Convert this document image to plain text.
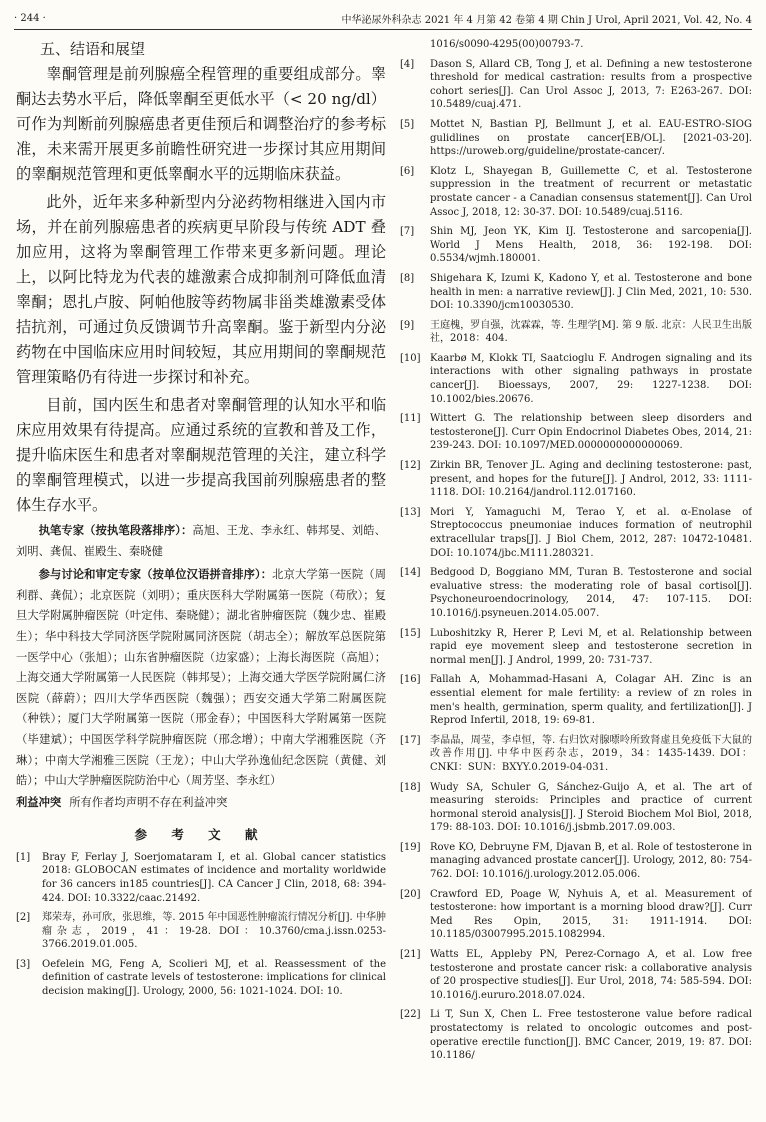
· 244 ·	中华泌尿外科杂志 2021 年 4 月第 42 卷第 4 期 Chin J Urol, April 2021, Vol. 42, No. 4
五、结语和展望

睾酮管理是前列腺癌全程管理的重要组成部分。睾酮达去势水平后，降低睾酮至更低水平（< 20 ng/dl）可作为判断前列腺癌患者更佳预后和调整治疗的参考标准，未来需开展更多前瞻性研究进一步探讨其应用期间的睾酮规范管理和更低睾酮水平的远期临床获益。

此外，近年来多种新型内分泌药物相继进入国内市场，并在前列腺癌患者的疾病更早阶段与传统 ADT 叠加应用，这将为睾酮管理工作带来更多新问题。理论上，以阿比特龙为代表的雄激素合成抑制剂可降低血清睾酮；恩扎卢胺、阿帕他胺等药物属非甾类雄激素受体拮抗剂，可通过负反馈调节升高睾酮。鉴于新型内分泌药物在中国临床应用时间较短，其应用期间的睾酮规范管理策略仍有待进一步探讨和补充。

目前，国内医生和患者对睾酮管理的认知水平和临床应用效果有待提高。应通过系统的宣教和普及工作，提升临床医生和患者对睾酮规范管理的关注，建立科学的睾酮管理模式，以进一步提高我国前列腺癌患者的整体生存水平。

执笔专家（按执笔段落排序）：高旭、王龙、李永红、韩邦旻、刘皓、刘明、龚侃、崔殿生、秦晓健

参与讨论和审定专家（按单位汉语拼音排序）：北京大学第一医院（周利群、龚侃）；北京医院（刘明）；重庆医科大学附属第一医院（苟欣）；复旦大学附属肿瘤医院（叶定伟、秦晓健）；湖北省肿瘤医院（魏少忠、崔殿生）；华中科技大学同济医学院附属同济医院（胡志全）；解放军总医院第一医学中心（张旭）；山东省肿瘤医院（边家盛）；上海长海医院（高旭）；上海交通大学附属第一人民医院（韩邦旻）；上海交通大学医学院附属仁济医院（薛蔚）；四川大学华西医院（魏强）；西安交通大学第二附属医院（种铁）；厦门大学附属第一医院（邢金春）；中国医科大学附属第一医院（毕建斌）；中国医学科学院肿瘤医院（邢念增）；中南大学湘雅医院（齐琳）；中南大学湘雅三医院（王龙）；中山大学孙逸仙纪念医院（黄健、刘皓）；中山大学肿瘤医院防治中心（周芳坚、李永红）

利益冲突 所有作者均声明不存在利益冲突
参 考 文 献
[1]	Bray F, Ferlay J, Soerjomataram I, et al. Global cancer statistics 2018: GLOBOCAN estimates of incidence and mortality worldwide for 36 cancers in185 countries[J]. CA Cancer J Clin, 2018, 68: 394-424. DOI: 10.3322/caac.21492.
[2]	郑荣寿，孙可欣，张思维，等. 2015 年中国恶性肿瘤流行情况分析[J]. 中华肿瘤杂志，2019，41：19-28. DOI：10.3760/cma.j.issn.0253-3766.2019.01.005.
[3]	Oefelein MG, Feng A, Scolieri MJ, et al. Reassessment of the definition of castrate levels of testosterone: implications for clinical decision making[J]. Urology, 2000, 56: 1021-1024. DOI: 10.
1016/s0090-4295(00)00793-7.
[4]	Dason S, Allard CB, Tong J, et al. Defining a new testosterone threshold for medical castration: results from a prospective cohort series[J]. Can Urol Assoc J, 2013, 7: E263-267. DOI: 10.5489/cuaj.471.
[5]	Mottet N, Bastian PJ, Bellmunt J, et al. EAU-ESTRO-SIOG gulidlines on prostate cancer[EB/OL]. [2021-03-20]. https://uroweb.org/guideline/prostate-cancer/.
[6]	Klotz L, Shayegan B, Guillemette C, et al. Testosterone suppression in the treatment of recurrent or metastatic prostate cancer - a Canadian consensus statement[J]. Can Urol Assoc J, 2018, 12: 30-37. DOI: 10.5489/cuaj.5116.
[7]	Shin MJ, Jeon YK, Kim IJ. Testosterone and sarcopenia[J]. World J Mens Health, 2018, 36: 192-198. DOI: 0.5534/wjmh.180001.
[8]	Shigehara K, Izumi K, Kadono Y, et al. Testosterone and bone health in men: a narrative review[J]. J Clin Med, 2021, 10: 530. DOI: 10.3390/jcm10030530.
[9]	王庭槐，罗自强，沈霖霖，等. 生理学[M]. 第 9 版. 北京：人民卫生出版社，2018：404.
[10] Kaarbø M, Klokk TI, Saatcioglu F. Androgen signaling and its interactions with other signaling pathways in prostate cancer[J]. Bioessays, 2007, 29: 1227-1238. DOI: 10.1002/bies.20676.
[11] Wittert G. The relationship between sleep disorders and testosterone[J]. Curr Opin Endocrinol Diabetes Obes, 2014, 21: 239-243. DOI: 10.1097/MED.0000000000000069.
[12] Zirkin BR, Tenover JL. Aging and declining testosterone: past, present, and hopes for the future[J]. J Androl, 2012, 33: 1111-1118. DOI: 10.2164/jandrol.112.017160.
[13] Mori Y, Yamaguchi M, Terao Y, et al. α-Enolase of Streptococcus pneumoniae induces formation of neutrophil extracellular traps[J]. J Biol Chem, 2012, 287: 10472-10481. DOI: 10.1074/jbc.M111.280321.
[14] Bedgood D, Boggiano MM, Turan B. Testosterone and social evaluative stress: the moderating role of basal cortisol[J]. Psychoneuroendocrinology, 2014, 47: 107-115. DOI: 10.1016/j.psyneuen.2014.05.007.
[15] Luboshitzky R, Herer P, Levi M, et al. Relationship between rapid eye movement sleep and testosterone secretion in normal men[J]. J Androl, 1999, 20: 731-737.
[16] Fallah A, Mohammad-Hasani A, Colagar AH. Zinc is an essential element for male fertility: a review of zn roles in men's health, germination, sperm quality, and fertilization[J]. J Reprod Infertil, 2018, 19: 69-81.
[17] 李晶晶，周莹，李卓恒，等. 右归饮对腺嘌呤所致肾虚且免疫低下大鼠的改善作用[J]. 中华中医药杂志，2019，34：1435-1439. DOI：CNKI：SUN：BXYY.0.2019-04-031.
[18] Wudy SA, Schuler G, Sánchez-Guijo A, et al. The art of measuring steroids: Principles and practice of current hormonal steroid analysis[J]. J Steroid Biochem Mol Biol, 2018, 179: 88-103. DOI: 10.1016/j.jsbmb.2017.09.003.
[19] Rove KO, Debruyne FM, Djavan B, et al. Role of testosterone in managing advanced prostate cancer[J]. Urology, 2012, 80: 754-762. DOI: 10.1016/j.urology.2012.05.006.
[20] Crawford ED, Poage W, Nyhuis A, et al. Measurement of testosterone: how important is a morning blood draw?[J]. Curr Med Res Opin, 2015, 31: 1911-1914. DOI: 10.1185/03007995.2015.1082994.
[21] Watts EL, Appleby PN, Perez-Cornago A, et al. Low free testosterone and prostate cancer risk: a collaborative analysis of 20 prospective studies[J]. Eur Urol, 2018, 74: 585-594. DOI: 10.1016/j.eururo.2018.07.024.
[22] Li T, Sun X, Chen L. Free testosterone value before radical prostatectomy is related to oncologic outcomes and post-operative erectile function[J]. BMC Cancer, 2019, 19: 87. DOI: 10.1186/
